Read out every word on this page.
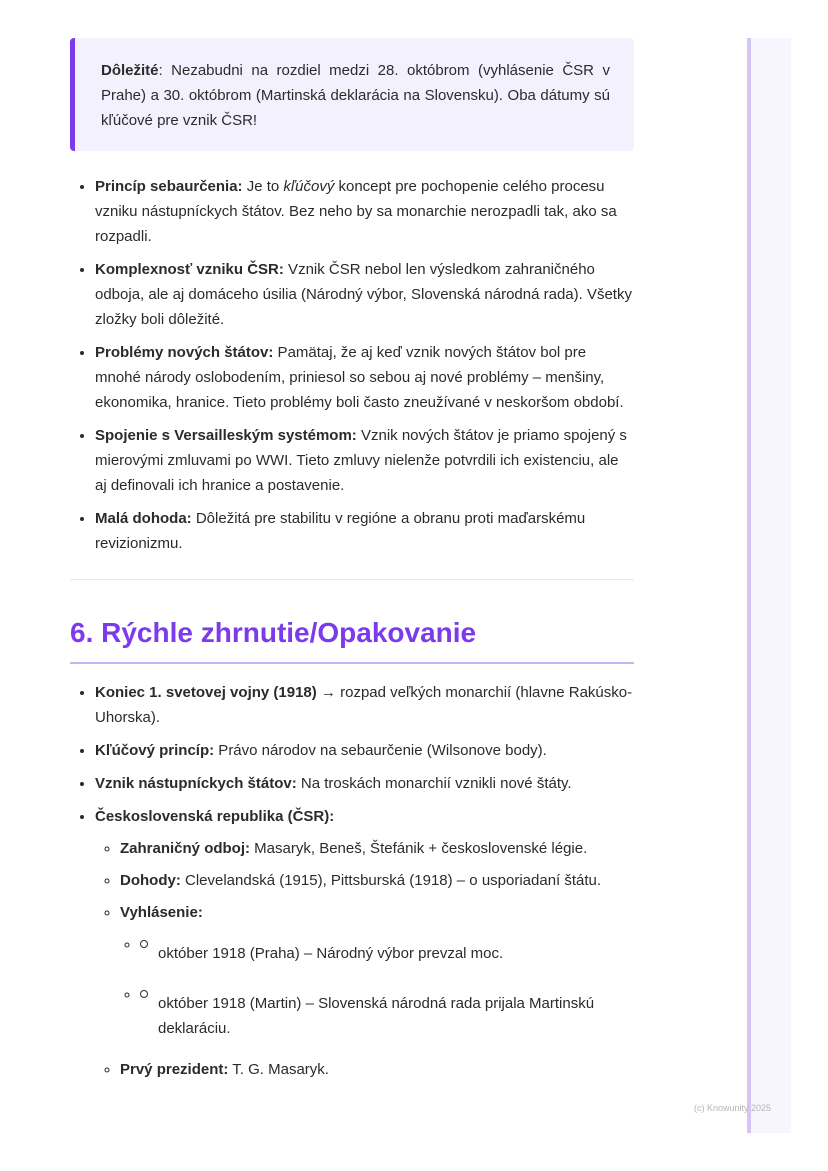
Dôležité: Nezabudni na rozdiel medzi 28. októbrom (vyhlásenie ČSR v Prahe) a 30. októbrom (Martinská deklarácia na Slovensku). Oba dátumy sú kľúčové pre vznik ČSR!
• Princíp sebaurčenia: Je to kľúčový koncept pre pochopenie celého procesu vzniku nástupníckych štátov. Bez neho by sa monarchie nerozpadli tak, ako sa rozpadli.
• Komplexnosť vzniku ČSR: Vznik ČSR nebol len výsledkom zahraničného odboja, ale aj domáceho úsilia (Národný výbor, Slovenská národná rada). Všetky zložky boli dôležité.
• Problémy nových štátov: Pamätaj, že aj keď vznik nových štátov bol pre mnohé národy oslobodením, priniesol so sebou aj nové problémy – menšiny, ekonomika, hranice. Tieto problémy boli často zneužívané v neskoršom období.
• Spojenie s Versailleským systémom: Vznik nových štátov je priamo spojený s mierovými zmluvami po WWI. Tieto zmluvy nielenže potvrdili ich existenciu, ale aj definovali ich hranice a postavenie.
• Malá dohoda: Dôležitá pre stabilitu v regióne a obranu proti maďarskému revizionizmu.
6. Rýchle zhrnutie/Opakovanie
• Koniec 1. svetovej vojny (1918) → rozpad veľkých monarchií (hlavne Rakúsko-Uhorska).
• Kľúčový princíp: Právo národov na sebaurčenie (Wilsonove body).
• Vznik nástupníckych štátov: Na troskách monarchií vznikli nové štáty.
• Československá republika (ČSR):
◦ Zahraničný odboj: Masaryk, Beneš, Štefánik + československé légie.
◦ Dohody: Clevelandská (1915), Pittsburská (1918) – o usporiadaní štátu.
◦ Vyhlásenie:
◦ október 1918 (Praha) – Národný výbor prevzal moc.
◦ október 1918 (Martin) – Slovenská národná rada prijala Martinskú deklaráciu.
◦ Prvý prezident: T. G. Masaryk.
(c) Knowunity 2025
